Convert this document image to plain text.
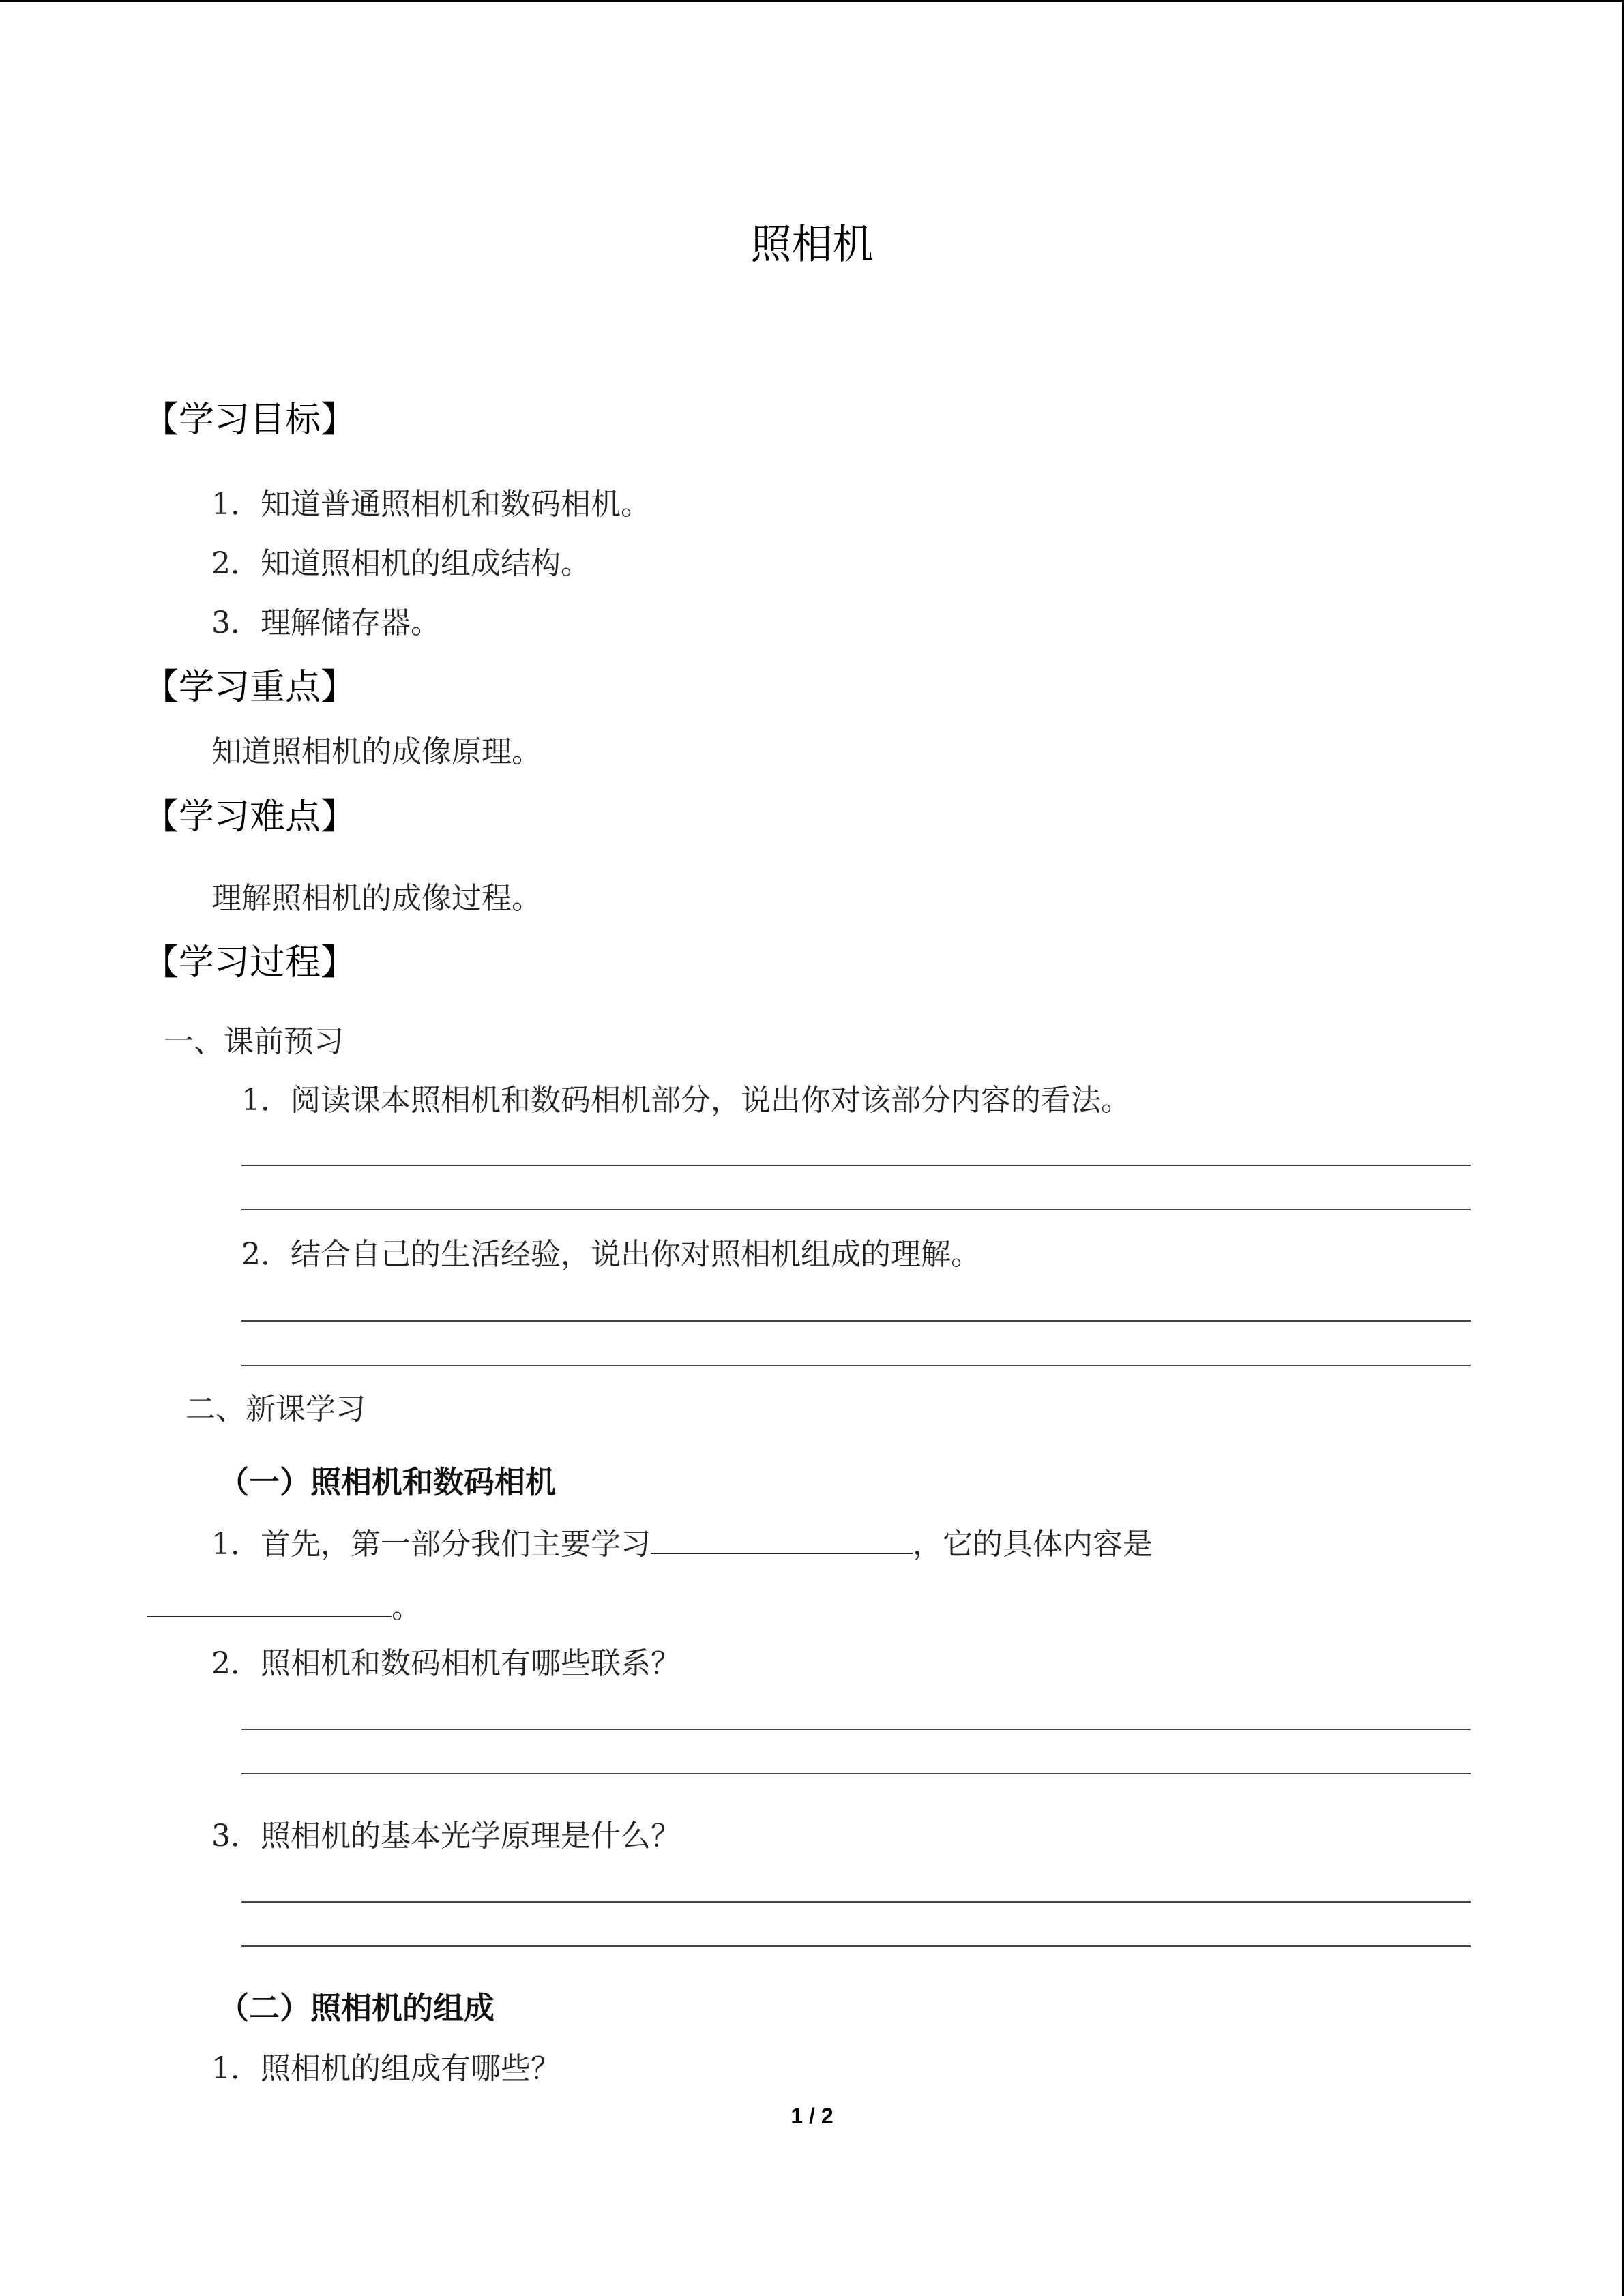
照相机
【学习目标】
1．知道普通照相机和数码相机。
2．知道照相机的组成结构。
3．理解储存器。
【学习重点】
知道照相机的成像原理。
【学习难点】
理解照相机的成像过程。
【学习过程】
一、课前预习
1．阅读课本照相机和数码相机部分，说出你对该部分内容的看法。
2．结合自己的生活经验，说出你对照相机组成的理解。
二、新课学习
（一）照相机和数码相机
1．首先，第一部分我们主要学习	，它的具体内容是
。
2．照相机和数码相机有哪些联系？
3．照相机的基本光学原理是什么？
（二）照相机的组成
1．照相机的组成有哪些？
1 / 2
